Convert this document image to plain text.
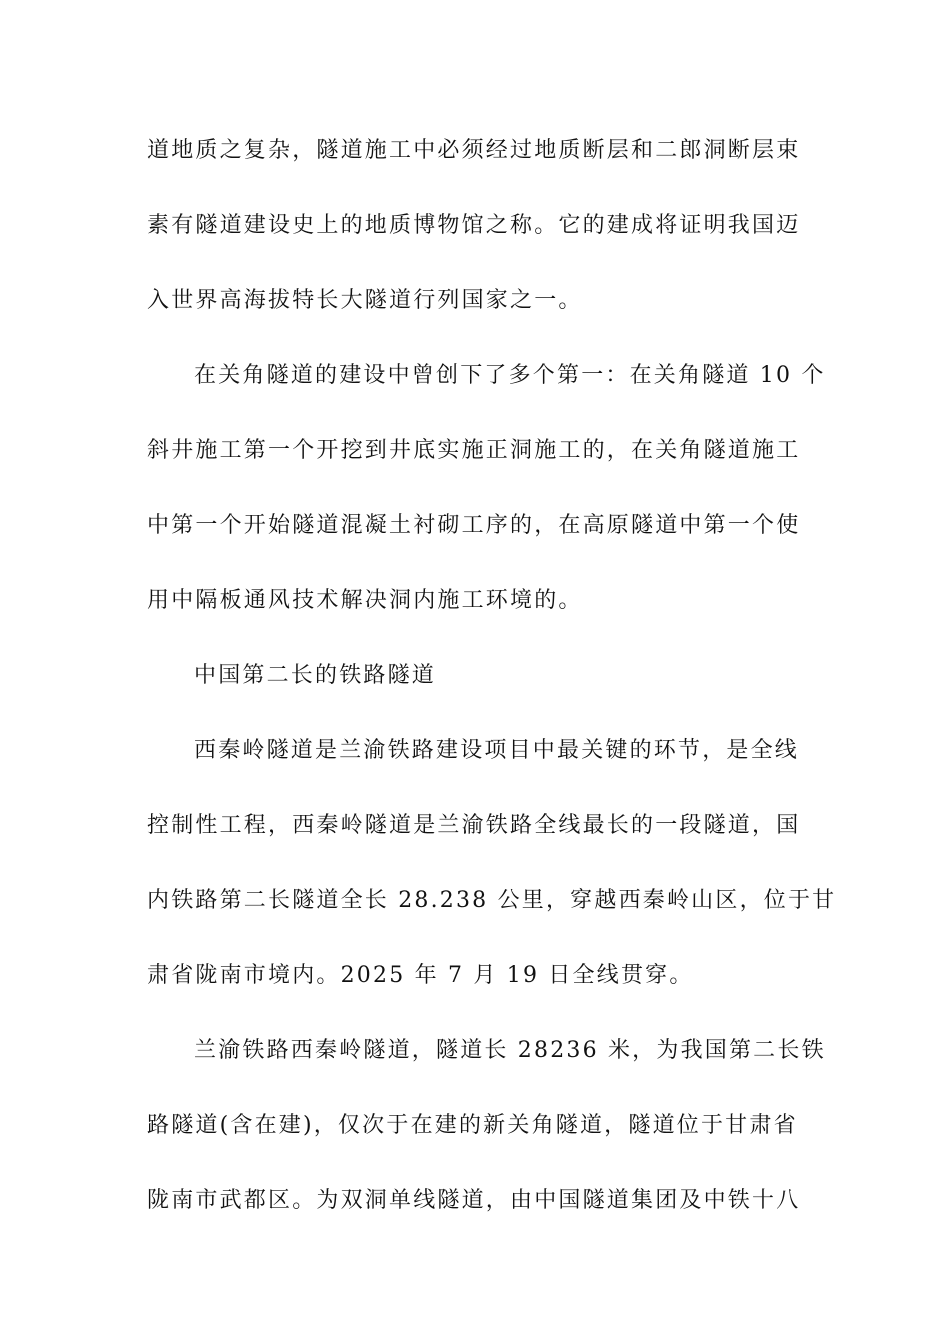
道地质之复杂，隧道施工中必须经过地质断层和二郎洞断层束
素有隧道建设史上的地质博物馆之称。它的建成将证明我国迈
入世界高海拔特长大隧道行列国家之一。
在关角隧道的建设中曾创下了多个第一：在关角隧道 10 个
斜井施工第一个开挖到井底实施正洞施工的，在关角隧道施工
中第一个开始隧道混凝土衬砌工序的，在高原隧道中第一个使
用中隔板通风技术解决洞内施工环境的。
中国第二长的铁路隧道
西秦岭隧道是兰渝铁路建设项目中最关键的环节，是全线
控制性工程，西秦岭隧道是兰渝铁路全线最长的一段隧道，国
内铁路第二长隧道全长 28.238 公里，穿越西秦岭山区，位于甘
肃省陇南市境内。2025 年 7 月 19 日全线贯穿。
兰渝铁路西秦岭隧道，隧道长 28236 米，为我国第二长铁
路隧道(含在建)，仅次于在建的新关角隧道，隧道位于甘肃省
陇南市武都区。为双洞单线隧道，由中国隧道集团及中铁十八
